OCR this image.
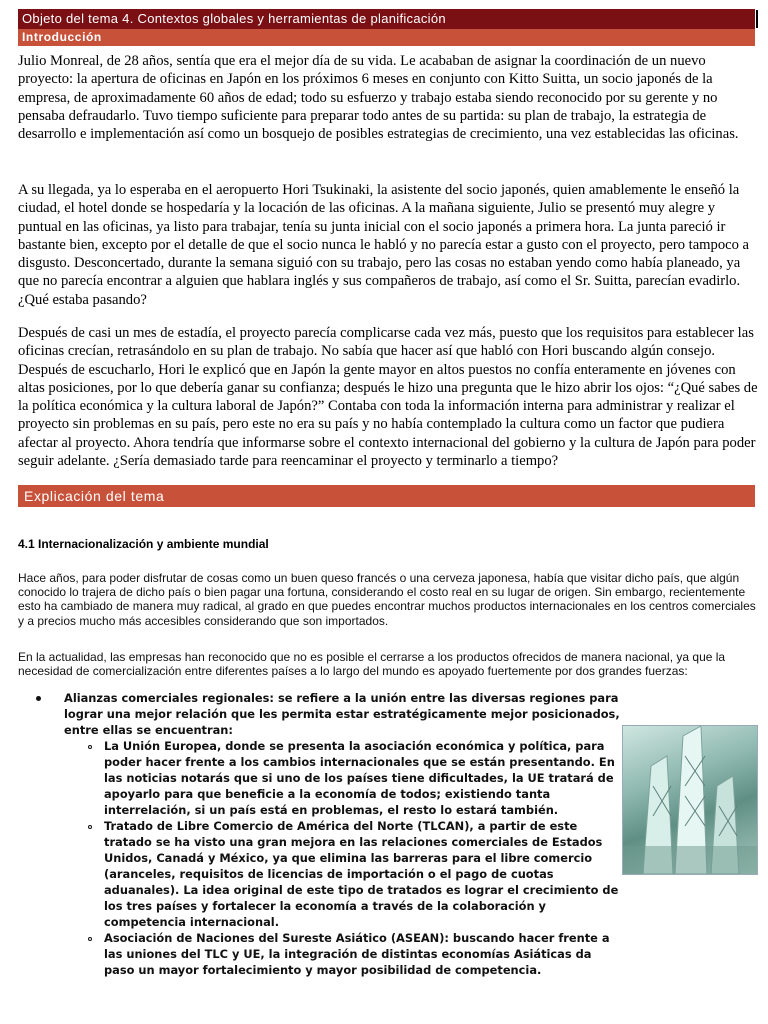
Objeto del tema 4. Contextos globales y herramientas de planificación
Introducción

Julio Monreal, de 28 años, sentía que era el mejor día de su vida. Le acababan de asignar la coordinación de un nuevo proyecto: la apertura de oficinas en Japón en los próximos 6 meses en conjunto con Kitto Suitta, un socio japonés de la empresa, de aproximadamente 60 años de edad; todo su esfuerzo y trabajo estaba siendo reconocido por su gerente y no pensaba defraudarlo. Tuvo tiempo suficiente para preparar todo antes de su partida: su plan de trabajo, la estrategia de desarrollo e implementación así como un bosquejo de posibles estrategias de crecimiento, una vez establecidas las oficinas.

A su llegada, ya lo esperaba en el aeropuerto Hori Tsukinaki, la asistente del socio japonés, quien amablemente le enseñó la ciudad, el hotel donde se hospedaría y la locación de las oficinas. A la mañana siguiente, Julio se presentó muy alegre y puntual en las oficinas, ya listo para trabajar, tenía su junta inicial con el socio japonés a primera hora. La junta pareció ir bastante bien, excepto por el detalle de que el socio nunca le habló y no parecía estar a gusto con el proyecto, pero tampoco a disgusto. Desconcertado, durante la semana siguió con su trabajo, pero las cosas no estaban yendo como había planeado, ya que no parecía encontrar a alguien que hablara inglés y sus compañeros de trabajo, así como el Sr. Suitta, parecían evadirlo. ¿Qué estaba pasando?

Después de casi un mes de estadía, el proyecto parecía complicarse cada vez más, puesto que los requisitos para establecer las oficinas crecían, retrasándolo en su plan de trabajo. No sabía que hacer así que habló con Hori buscando algún consejo. Después de escucharlo, Hori le explicó que en Japón la gente mayor en altos puestos no confía enteramente en jóvenes con altas posiciones, por lo que debería ganar su confianza; después le hizo una pregunta que le hizo abrir los ojos: “¿Qué sabes de la política económica y la cultura laboral de Japón?” Contaba con toda la información interna para administrar y realizar el proyecto sin problemas en su país, pero este no era su país y no había contemplado la cultura como un factor que pudiera afectar al proyecto. Ahora tendría que informarse sobre el contexto internacional del gobierno y la cultura de Japón para poder seguir adelante. ¿Sería demasiado tarde para reencaminar el proyecto y terminarlo a tiempo?

Explicación del tema
4.1 Internacionalización y ambiente mundial

Hace años, para poder disfrutar de cosas como un buen queso francés o una cerveza japonesa, había que visitar dicho país, que algún conocido lo trajera de dicho país o bien pagar una fortuna, considerando el costo real en su lugar de origen. Sin embargo, recientemente esto ha cambiado de manera muy radical, al grado en que puedes encontrar muchos productos internacionales en los centros comerciales y a precios mucho más accesibles considerando que son importados.

En la actualidad, las empresas han reconocido que no es posible el cerrarse a los productos ofrecidos de manera nacional, ya que la necesidad de comercialización entre diferentes países a lo largo del mundo es apoyado fuertemente por dos grandes fuerzas:

Alianzas comerciales regionales: se refiere a la unión entre las diversas regiones para lograr una mejor relación que les permita estar estratégicamente mejor posicionados, entre ellas se encuentran:
La Unión Europea, donde se presenta la asociación económica y política, para poder hacer frente a los cambios internacionales que se están presentando. En las noticias notarás que si uno de los países tiene dificultades, la UE tratará de apoyarlo para que beneficie a la economía de todos; existiendo tanta interrelación, si un país está en problemas, el resto lo estará también.
Tratado de Libre Comercio de América del Norte (TLCAN), a partir de este tratado se ha visto una gran mejora en las relaciones comerciales de Estados Unidos, Canadá y México, ya que elimina las barreras para el libre comercio (aranceles, requisitos de licencias de importación o el pago de cuotas aduanales). La idea original de este tipo de tratados es lograr el crecimiento de los tres países y fortalecer la economía a través de la colaboración y competencia internacional.
Asociación de Naciones del Sureste Asiático (ASEAN): buscando hacer frente a las uniones del TLC y UE, la integración de distintas economías Asiáticas da paso un mayor fortalecimiento y mayor posibilidad de competencia.
